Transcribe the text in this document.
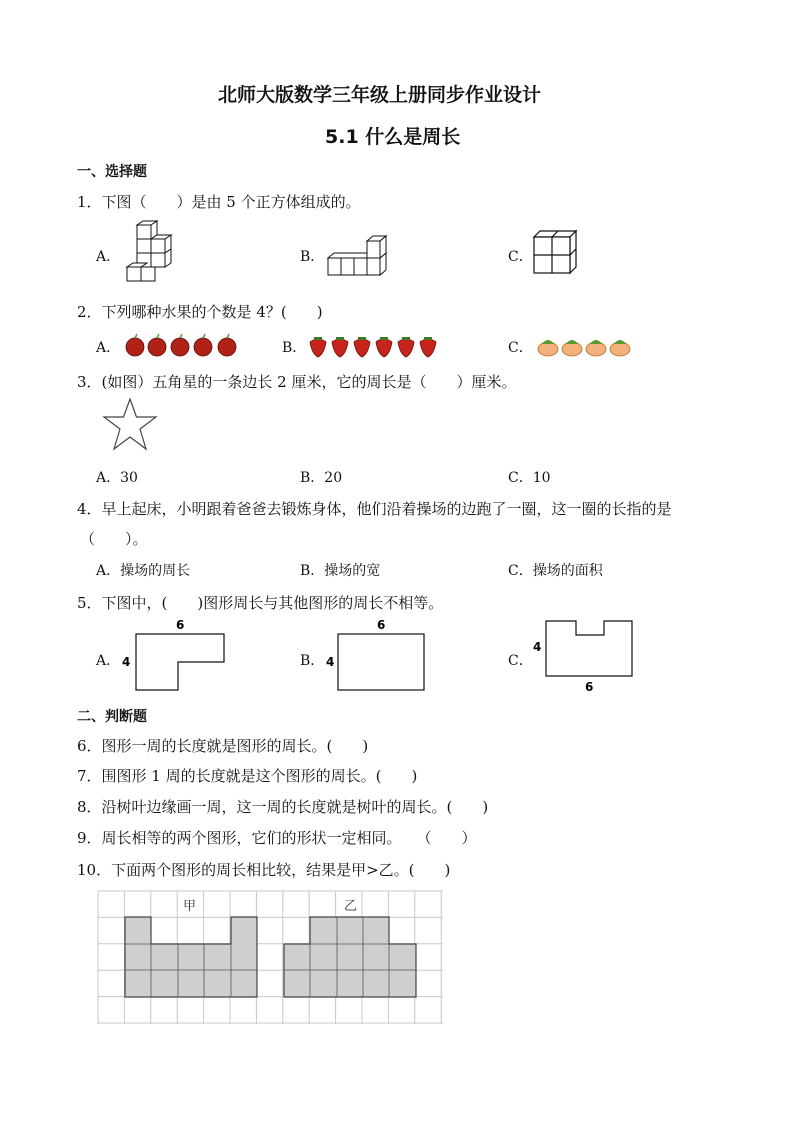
北师大版数学三年级上册同步作业设计
5.1 什么是周长
一、选择题
1．下图（　　）是由 5 个正方体组成的。
A．	B．	C．
2．下列哪种水果的个数是 4？(　　)
A．	B．	C．
3．(如图）五角星的一条边长 2 厘米，它的周长是（　　）厘米。
A．30	B．20	C．10
4．早上起床，小明跟着爸爸去锻炼身体，他们沿着操场的边跑了一圈，这一圈的长指的是
（　　）。
A．操场的周长	B．操场的宽	C．操场的面积
5．下图中，(　　)图形周长与其他图形的周长不相等。
A．
6
4	B．
6
4	C．
4
6
二、判断题
6．图形一周的长度就是图形的周长。(　　)
7．围图形 1 周的长度就是这个图形的周长。(　　)
8．沿树叶边缘画一周，这一周的长度就是树叶的周长。(　　)
9．周长相等的两个图形，它们的形状一定相同。　　（　　）
10．下面两个图形的周长相比较，结果是甲>乙。(　　)
甲	乙
